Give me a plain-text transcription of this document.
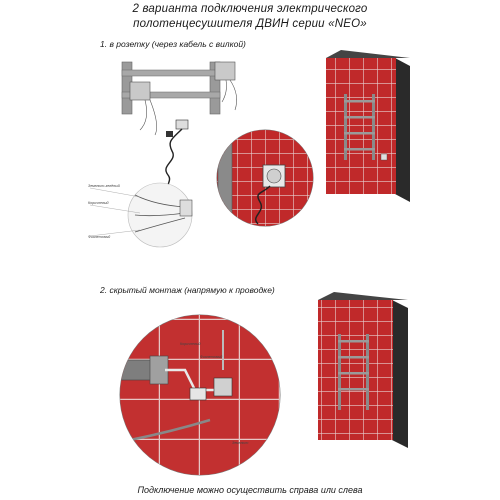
2 варианта подключения электрического
полотенцесушителя ДВИН серии «NEO»
1. в розетку (через кабель с вилкой)
2. скрытый монтаж (напрямую к проводке)
Подключение можно осуществить справа или слева
Земельно-зелёный
Коричневый
Фиолетовый
Коричневый
Фиолетовый
Земельно
